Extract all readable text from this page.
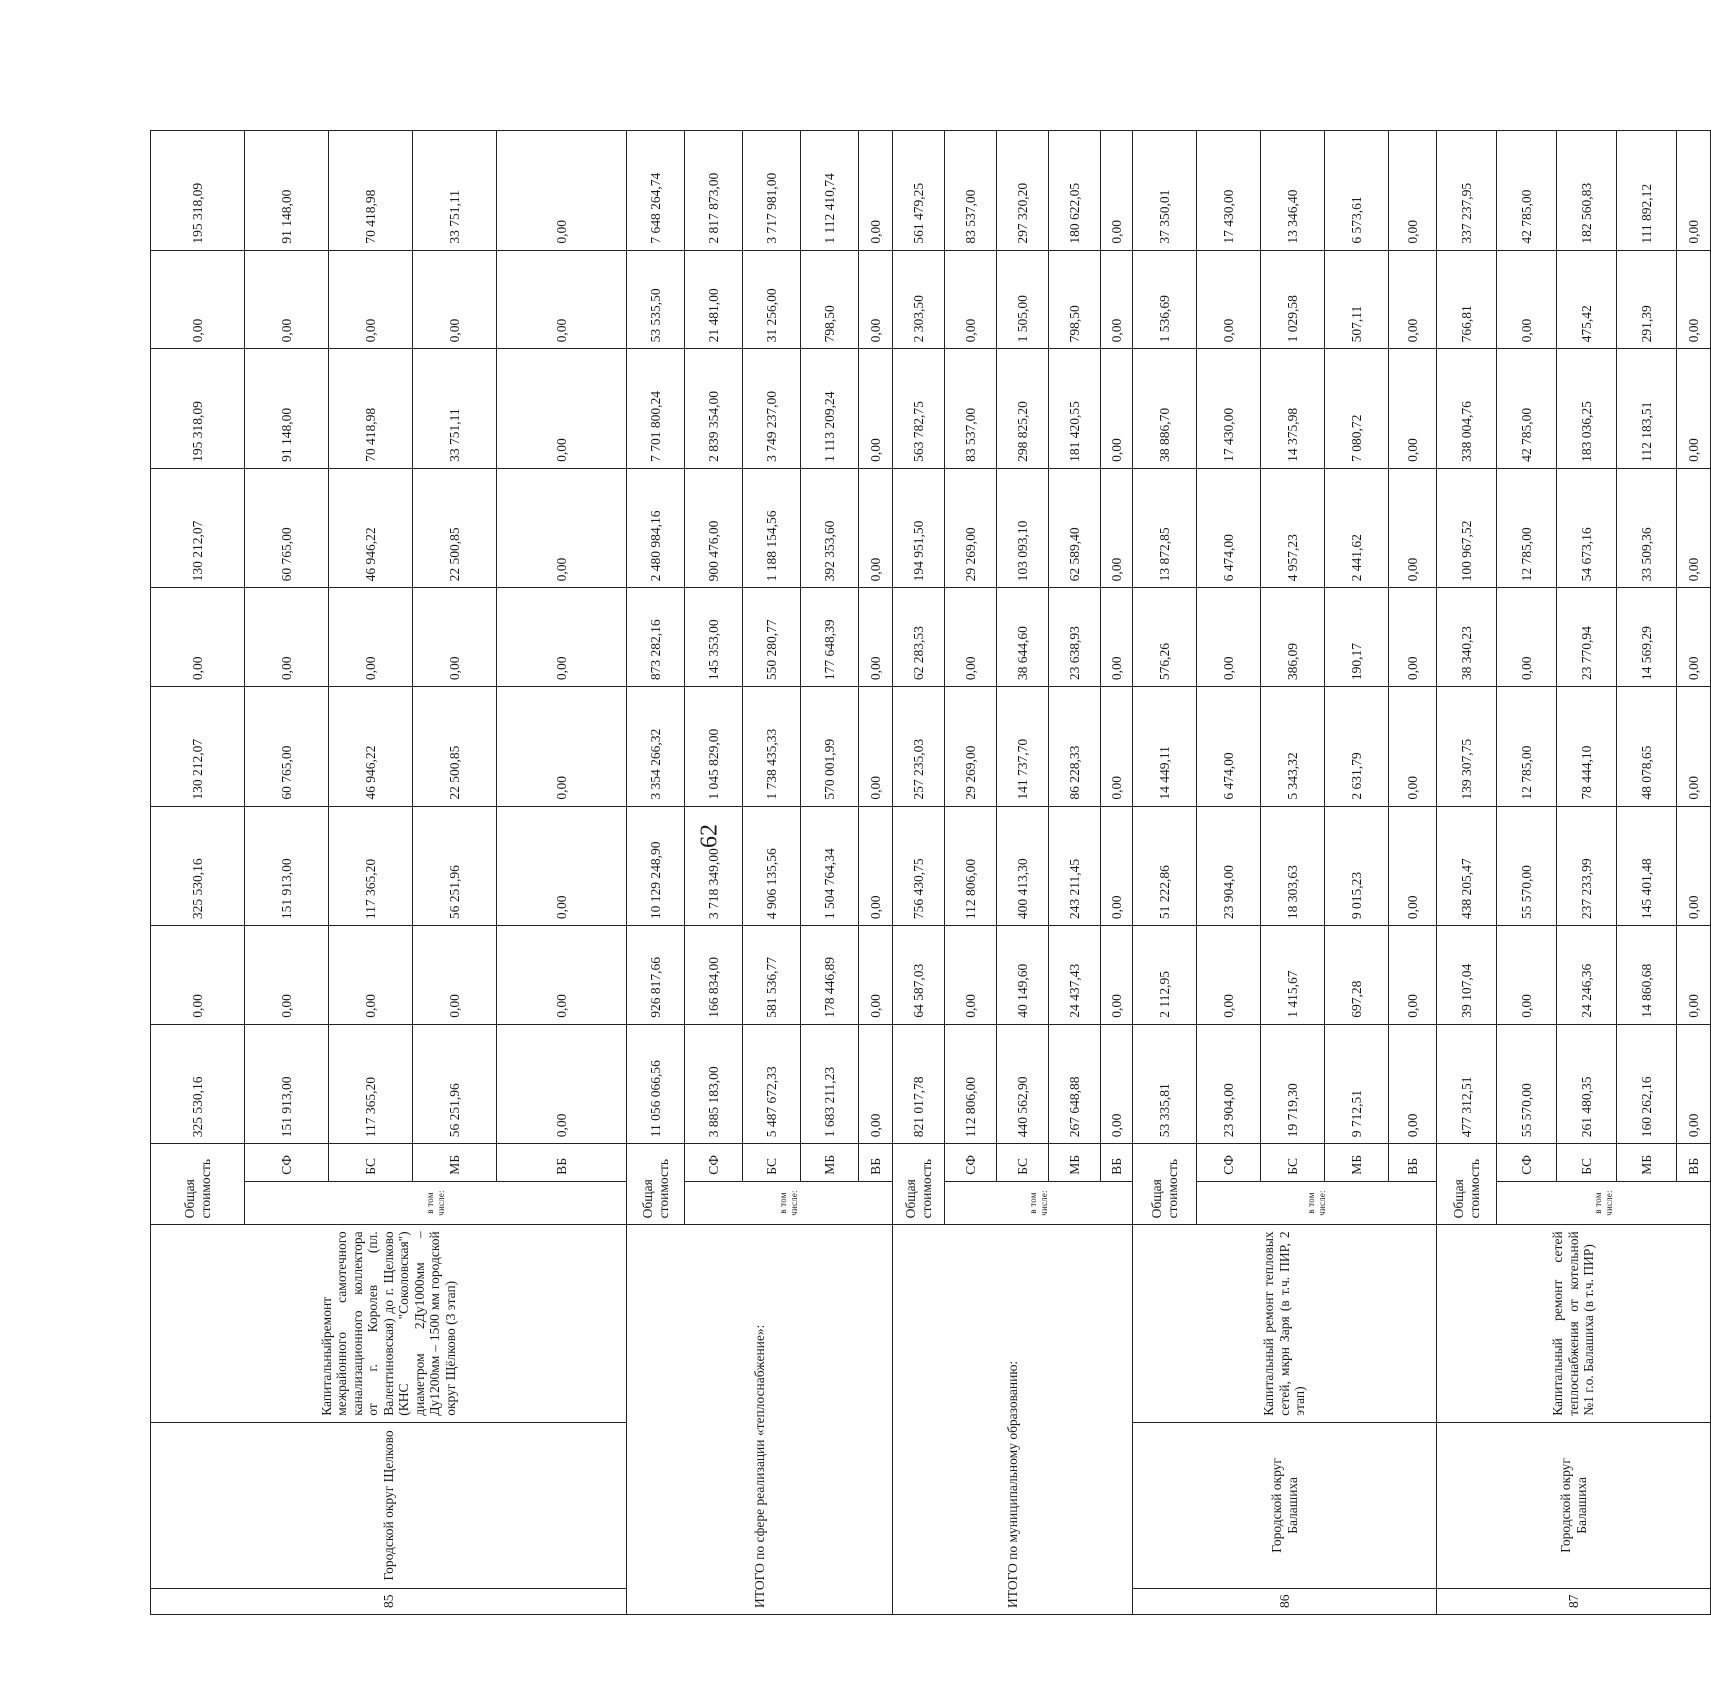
62
85	Городской округ Щелково	Капитальныйремонт межрайонного самотечного канализационного коллектора от г. Королев (пл. Валентиновская) до г. Щелково (КНС "Соколовская") диаметром 2Ду1000мм – Ду1200мм – 1500 мм городской округ Щёлково (3 этап)	Общая стоимость		325 530,16	0,00	325 530,16	130 212,07	0,00	130 212,07	195 318,09	0,00	195 318,09
			в том числе:	СФ	151 913,00	0,00	151 913,00	60 765,00	0,00	60 765,00	91 148,00	0,00	91 148,00
				БС	117 365,20	0,00	117 365,20	46 946,22	0,00	46 946,22	70 418,98	0,00	70 418,98
				МБ	56 251,96	0,00	56 251,96	22 500,85	0,00	22 500,85	33 751,11	0,00	33 751,11
				ВБ	0,00	0,00	0,00	0,00	0,00	0,00	0,00	0,00	0,00
ИТОГО по сфере реализации «теплоснабжение»:			Общая стоимость		11 056 066,56	926 817,66	10 129 248,90	3 354 266,32	873 282,16	2 480 984,16	7 701 800,24	53 535,50	7 648 264,74
			в том числе:	СФ	3 885 183,00	166 834,00	3 718 349,00	1 045 829,00	145 353,00	900 476,00	2 839 354,00	21 481,00	2 817 873,00
				БС	5 487 672,33	581 536,77	4 906 135,56	1 738 435,33	550 280,77	1 188 154,56	3 749 237,00	31 256,00	3 717 981,00
				МБ	1 683 211,23	178 446,89	1 504 764,34	570 001,99	177 648,39	392 353,60	1 113 209,24	798,50	1 112 410,74
				ВБ	0,00	0,00	0,00	0,00	0,00	0,00	0,00	0,00	0,00
ИТОГО по муниципальному образованию:			Общая стоимость		821 017,78	64 587,03	756 430,75	257 235,03	62 283,53	194 951,50	563 782,75	2 303,50	561 479,25
			в том числе:	СФ	112 806,00	0,00	112 806,00	29 269,00	0,00	29 269,00	83 537,00	0,00	83 537,00
				БС	440 562,90	40 149,60	400 413,30	141 737,70	38 644,60	103 093,10	298 825,20	1 505,00	297 320,20
				МБ	267 648,88	24 437,43	243 211,45	86 228,33	23 638,93	62 589,40	181 420,55	798,50	180 622,05
				ВБ	0,00	0,00	0,00	0,00	0,00	0,00	0,00	0,00	0,00
86	Городской округ Балашиха	Капитальный ремонт тепловых сетей, мкрн Заря (в т.ч. ПИР, 2 этап)	Общая стоимость		53 335,81	2 112,95	51 222,86	14 449,11	576,26	13 872,85	38 886,70	1 536,69	37 350,01
			в том числе:	СФ	23 904,00	0,00	23 904,00	6 474,00	0,00	6 474,00	17 430,00	0,00	17 430,00
				БС	19 719,30	1 415,67	18 303,63	5 343,32	386,09	4 957,23	14 375,98	1 029,58	13 346,40
				МБ	9 712,51	697,28	9 015,23	2 631,79	190,17	2 441,62	7 080,72	507,11	6 573,61
				ВБ	0,00	0,00	0,00	0,00	0,00	0,00	0,00	0,00	0,00
87	Городской округ Балашиха	Капитальный ремонт сетей теплоснабжения от котельной №1 г.о. Балашиха (в т.ч. ПИР)	Общая стоимость		477 312,51	39 107,04	438 205,47	139 307,75	38 340,23	100 967,52	338 004,76	766,81	337 237,95
			в том числе:	СФ	55 570,00	0,00	55 570,00	12 785,00	0,00	12 785,00	42 785,00	0,00	42 785,00
				БС	261 480,35	24 246,36	237 233,99	78 444,10	23 770,94	54 673,16	183 036,25	475,42	182 560,83
				МБ	160 262,16	14 860,68	145 401,48	48 078,65	14 569,29	33 509,36	112 183,51	291,39	111 892,12
				ВБ	0,00	0,00	0,00	0,00	0,00	0,00	0,00	0,00	0,00
